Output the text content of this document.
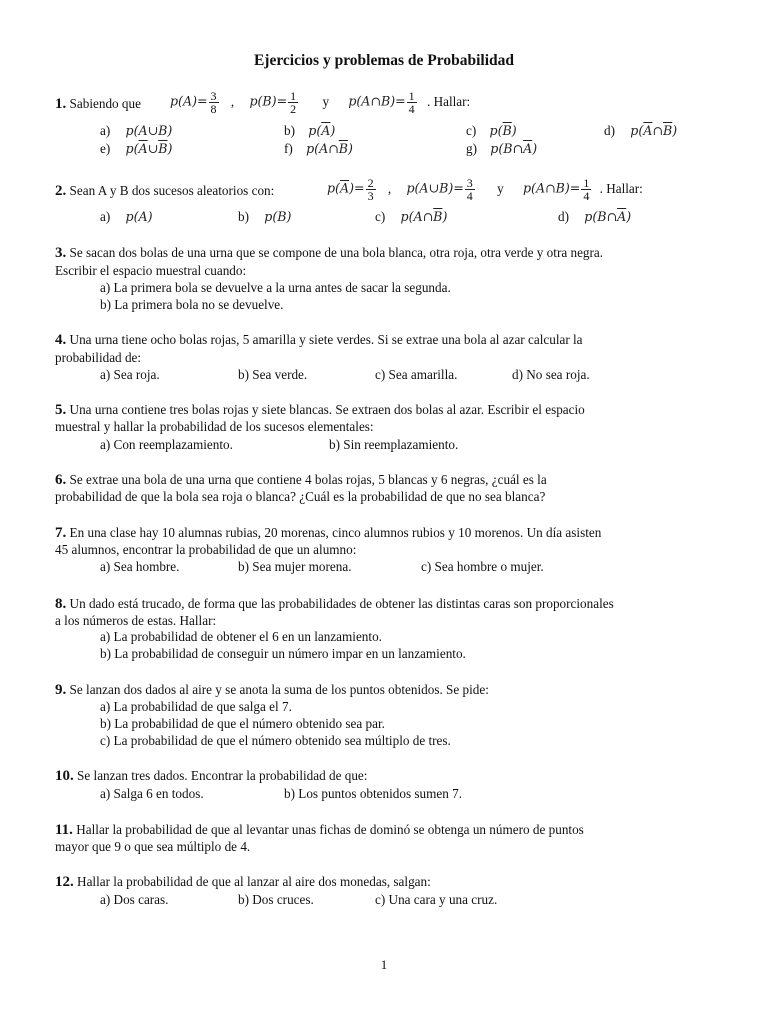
Ejercicios y problemas de Probabilidad
1. Sabiendo que $p(A)= \frac{3}{8}$ , $p(B)= \frac{1}{2}$ y p(A∩B)= $\frac{1}{4}$ . Hallar:
a) p(A∪B)	b) $p(\overline{A})$	c) $p(\overline{B})$	d) $p(\overline{A}\cap\overline{B})$
e) $p(\overline{A}\cup\overline{B})$	f) $p(A\cap\overline{B})$	g) $p(B\cap\overline{A})$
2. Sean A y B dos sucesos aleatorios con:	$p(\overline{A})= \frac{2}{3}$ , p(A∪B)= $\frac{3}{4}$ y p(A∩B)= $\frac{1}{4}$ . Hallar:
a) p(A)	b) p(B)	c) $p(A\cap\overline{B})$	d) $p(B\cap\overline{A})$
3. Se sacan dos bolas de una urna que se compone de una bola blanca, otra roja, otra verde y otra negra.
Escribir el espacio muestral cuando:
a) La primera bola se devuelve a la urna antes de sacar la segunda.
b) La primera bola no se devuelve.
4. Una urna tiene ocho bolas rojas, 5 amarilla y siete verdes. Si se extrae una bola al azar calcular la
probabilidad de:
a) Sea roja.	b) Sea verde.	c) Sea amarilla.	d) No sea roja.
5. Una urna contiene tres bolas rojas y siete blancas. Se extraen dos bolas al azar. Escribir el espacio
muestral y hallar la probabilidad de los sucesos elementales:
a) Con reemplazamiento.	b) Sin reemplazamiento.
6. Se extrae una bola de una urna que contiene 4 bolas rojas, 5 blancas y 6 negras, ¿cuál es la
probabilidad de que la bola sea roja o blanca? ¿Cuál es la probabilidad de que no sea blanca?
7. En una clase hay 10 alumnas rubias, 20 morenas, cinco alumnos rubios y 10 morenos. Un día asisten
45 alumnos, encontrar la probabilidad de que un alumno:
a) Sea hombre.	b) Sea mujer morena.	c) Sea hombre o mujer.
8. Un dado está trucado, de forma que las probabilidades de obtener las distintas caras son proporcionales
a los números de estas. Hallar:
a) La probabilidad de obtener el 6 en un lanzamiento.
b) La probabilidad de conseguir un número impar en un lanzamiento.
9. Se lanzan dos dados al aire y se anota la suma de los puntos obtenidos. Se pide:
a) La probabilidad de que salga el 7.
b) La probabilidad de que el número obtenido sea par.
c) La probabilidad de que el número obtenido sea múltiplo de tres.
10. Se lanzan tres dados. Encontrar la probabilidad de que:
a) Salga 6 en todos.	b) Los puntos obtenidos sumen 7.
11. Hallar la probabilidad de que al levantar unas fichas de dominó se obtenga un número de puntos
mayor que 9 o que sea múltiplo de 4.
12. Hallar la probabilidad de que al lanzar al aire dos monedas, salgan:
a) Dos caras.	b) Dos cruces.	c) Una cara y una cruz.
1
